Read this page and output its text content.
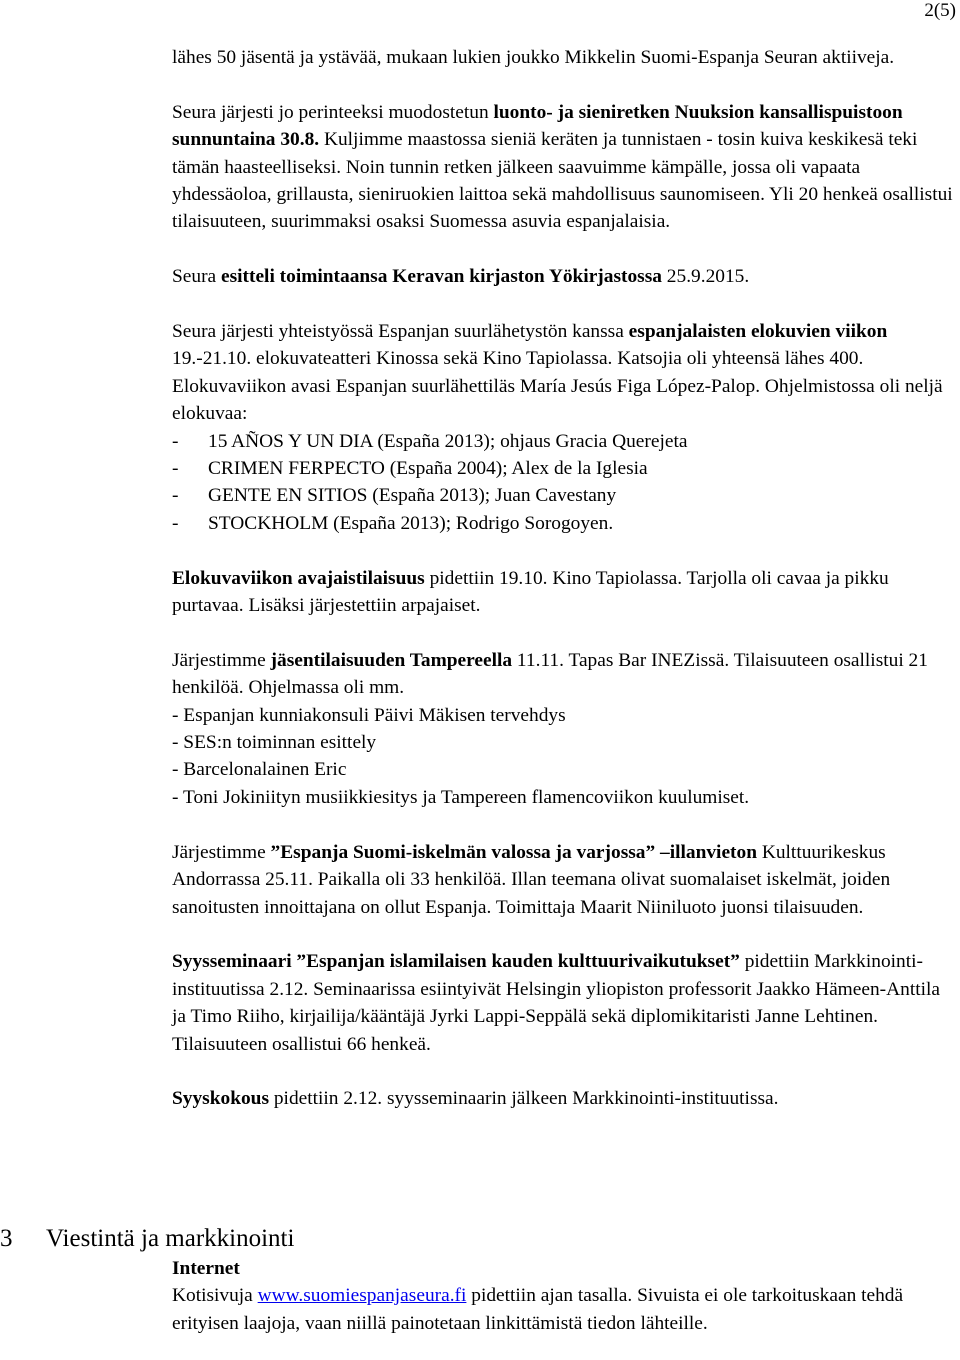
2(5)

lähes 50 jäsentä ja ystävää, mukaan lukien joukko Mikkelin Suomi-Espanja Seuran aktiiveja.

Seura järjesti jo perinteeksi muodostetun luonto- ja sieniretken Nuuksion kansallispuistoon sunnuntaina 30.8. Kuljimme maastossa sieniä keräten ja tunnistaen - tosin kuiva keskikesä teki tämän haasteelliseksi. Noin tunnin retken jälkeen saavuimme kämpälle, jossa oli vapaata yhdessäoloa, grillausta, sieniruokien laittoa sekä mahdollisuus saunomiseen. Yli 20 henkeä osallistui tilaisuuteen, suurimmaksi osaksi Suomessa asuvia espanjalaisia.

Seura esitteli toimintaansa Keravan kirjaston Yökirjastossa 25.9.2015.

Seura järjesti yhteistyössä Espanjan suurlähetystön kanssa espanjalaisten elokuvien viikon 19.-21.10. elokuvateatteri Kinossa sekä Kino Tapiolassa. Katsojia oli yhteensä lähes 400. Elokuvaviikon avasi Espanjan suurlähettiläs María Jesús Figa López-Palop. Ohjelmistossa oli neljä elokuvaa:
- 15 AÑOS Y UN DIA (España 2013); ohjaus Gracia Querejeta
- CRIMEN FERPECTO (España 2004); Alex de la Iglesia
- GENTE EN SITIOS (España 2013); Juan Cavestany
- STOCKHOLM (España 2013); Rodrigo Sorogoyen.

Elokuvaviikon avajaistilaisuus pidettiin 19.10. Kino Tapiolassa. Tarjolla oli cavaa ja pikku purtavaa. Lisäksi järjestettiin arpajaiset.

Järjestimme jäsentilaisuuden Tampereella 11.11. Tapas Bar INEZissä. Tilaisuuteen osallistui 21 henkilöä. Ohjelmassa oli mm.
- Espanjan kunniakonsuli Päivi Mäkisen tervehdys
- SES:n toiminnan esittely
- Barcelonalainen Eric
- Toni Jokiniityn musiikkiesitys ja Tampereen flamencoviikon kuulumiset.

Järjestimme ”Espanja Suomi-iskelmän valossa ja varjossa” –illanvieton Kulttuurikeskus Andorrassa 25.11. Paikalla oli 33 henkilöä. Illan teemana olivat suomalaiset iskelmät, joiden sanoitusten innoittajana on ollut Espanja. Toimittaja Maarit Niiniluoto juonsi tilaisuuden.

Syysseminaari ”Espanjan islamilaisen kauden kulttuurivaikutukset” pidettiin Markkinointi-instituutissa 2.12. Seminaarissa esiintyivät Helsingin yliopiston professorit Jaakko Hämeen-Anttila ja Timo Riiho, kirjailija/kääntäjä Jyrki Lappi-Seppälä sekä diplomikitaristi Janne Lehtinen. Tilaisuuteen osallistui 66 henkeä.

Syyskokous pidettiin 2.12. syysseminaarin jälkeen Markkinointi-instituutissa.

3 Viestintä ja markkinointi

Internet

Kotisivuja www.suomiespanjaseura.fi pidettiin ajan tasalla. Sivuista ei ole tarkoituskaan tehdä erityisen laajoja, vaan niillä painotetaan linkittämistä tiedon lähteille.
